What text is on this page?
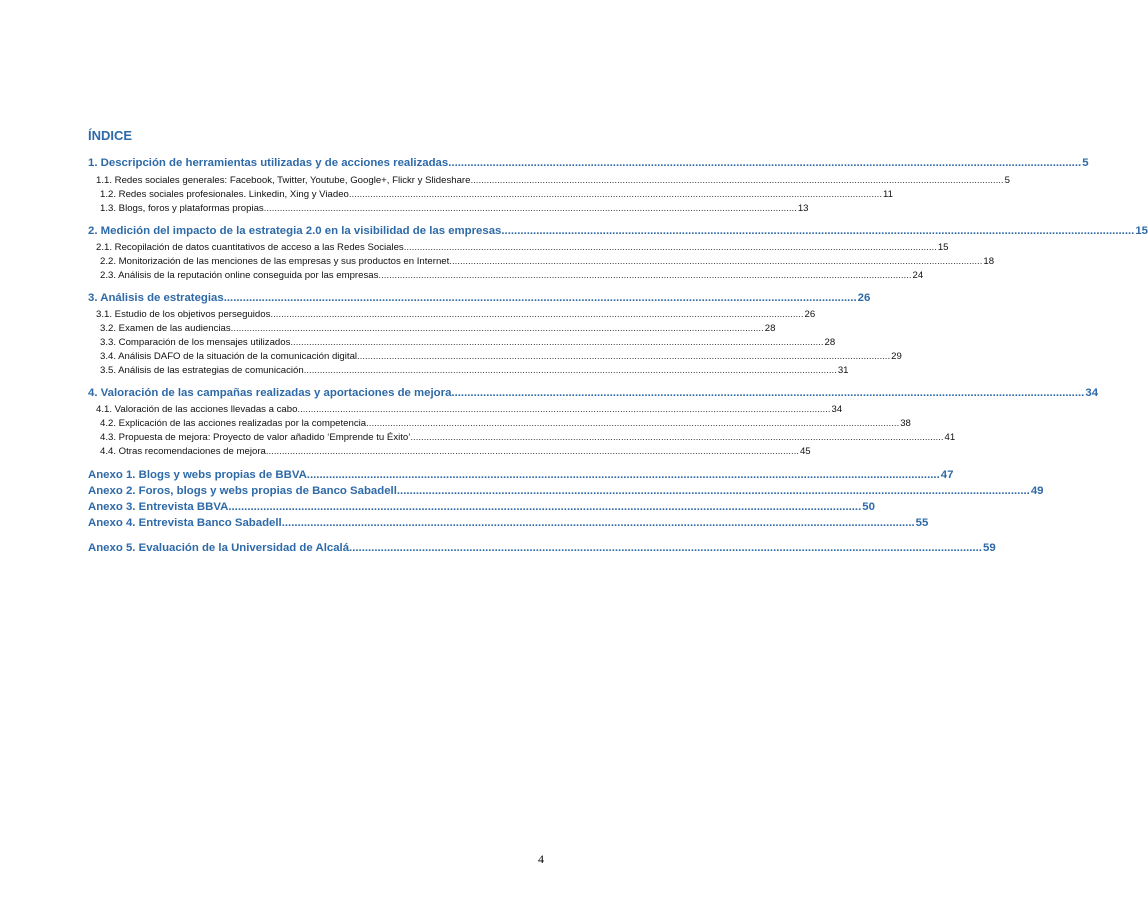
ÍNDICE
1. Descripción de herramientas utilizadas y de acciones realizadas ........................................................................................................................................................................................................ 5
1.1. Redes sociales generales: Facebook, Twitter, Youtube, Google+, Flickr y Slideshare ........................................................................................................................................................................................................ 5
1.2. Redes sociales profesionales. Linkedin, Xing y Viadeo ........................................................................................................................................................................................................ 11
1.3. Blogs, foros y plataformas propias ........................................................................................................................................................................................................ 13
2. Medición del impacto de la estrategia 2.0 en la visibilidad de las empresas ........................................................................................................................................................................................................ 15
2.1. Recopilación de datos cuantitativos de acceso a las Redes Sociales ........................................................................................................................................................................................................ 15
2.2. Monitorización de las menciones de las empresas y sus productos en Internet ........................................................................................................................................................................................................ 18
2.3. Análisis de la reputación online conseguida por las empresas ........................................................................................................................................................................................................ 24
3. Análisis de estrategias ........................................................................................................................................................................................................ 26
3.1. Estudio de los objetivos perseguidos ........................................................................................................................................................................................................ 26
3.2. Examen de las audiencias ........................................................................................................................................................................................................ 28
3.3. Comparación de los mensajes utilizados ........................................................................................................................................................................................................ 28
3.4. Análisis DAFO de la situación de la comunicación digital ........................................................................................................................................................................................................ 29
3.5. Análisis de las estrategias de comunicación ........................................................................................................................................................................................................ 31
4. Valoración de las campañas realizadas y aportaciones de mejora ........................................................................................................................................................................................................ 34
4.1. Valoración de las acciones llevadas a cabo ........................................................................................................................................................................................................ 34
4.2. Explicación de las acciones realizadas por la competencia ........................................................................................................................................................................................................ 38
4.3. Propuesta de mejora: Proyecto de valor añadido ‘Emprende tu Éxito’ ........................................................................................................................................................................................................ 41
4.4. Otras recomendaciones de mejora ........................................................................................................................................................................................................ 45
Anexo 1. Blogs y webs propias de BBVA ........................................................................................................................................................................................................ 47
Anexo 2. Foros, blogs y webs propias de Banco Sabadell ........................................................................................................................................................................................................ 49
Anexo 3. Entrevista BBVA ........................................................................................................................................................................................................ 50
Anexo 4. Entrevista Banco Sabadell ........................................................................................................................................................................................................ 55
Anexo 5. Evaluación de la Universidad de Alcalá ........................................................................................................................................................................................................ 59
4
